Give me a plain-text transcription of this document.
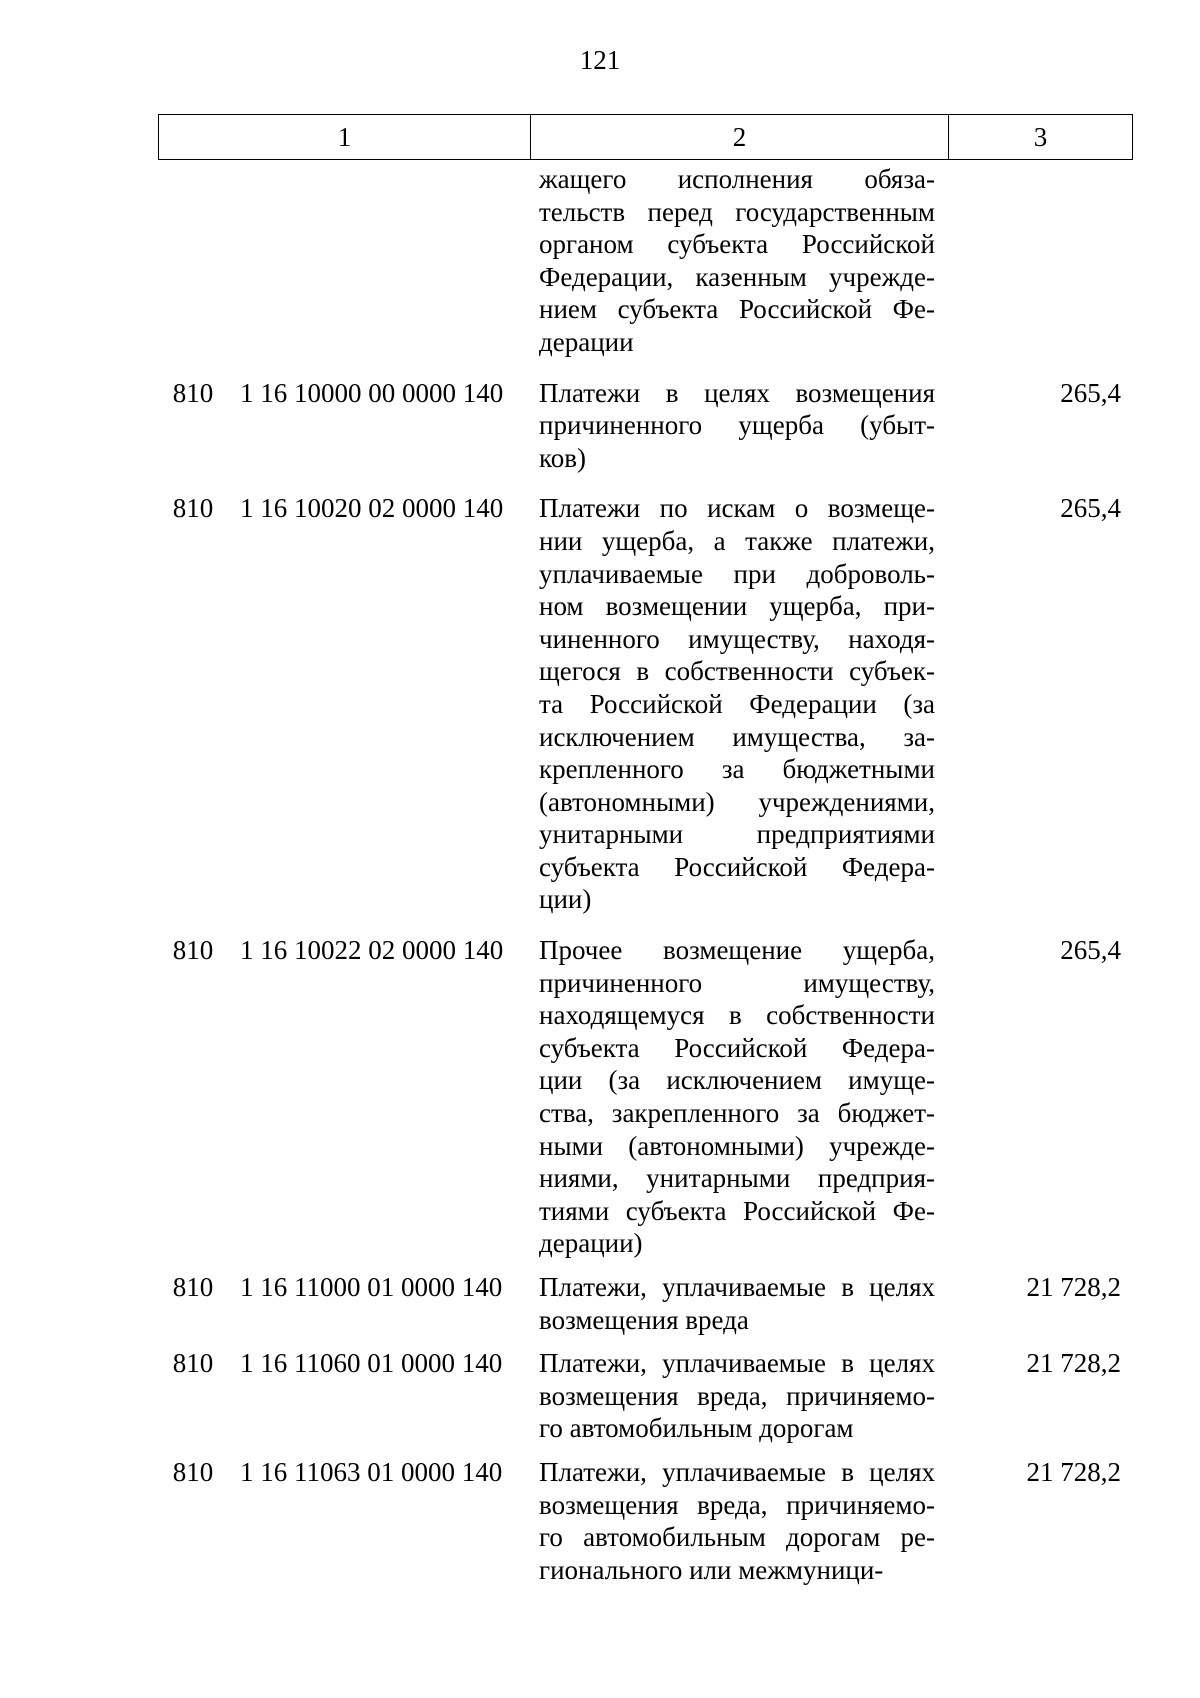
121
1	2	3
жащего исполнения обяза-
тельств перед государственным
органом субъекта Российской
Федерации, казенным учрежде-
нием субъекта Российской Фе-
дерации
810 1 16 10000 00 0000 140	Платежи в целях возмещения
причиненного ущерба (убыт-
ков)
265,4
810 1 16 10020 02 0000 140	Платежи по искам о возмеще-
нии ущерба, а также платежи,
уплачиваемые при доброволь-
ном возмещении ущерба, при-
чиненного имуществу, находя-
щегося в собственности субъек-
та Российской Федерации (за
исключением имущества, за-
крепленного за бюджетными
(автономными) учреждениями,
унитарными предприятиями
субъекта Российской Федера-
ции)
265,4
810 1 16 10022 02 0000 140	Прочее возмещение ущерба,
причиненного имуществу,
находящемуся в собственности
субъекта Российской Федера-
ции (за исключением имуще-
ства, закрепленного за бюджет-
ными (автономными) учрежде-
ниями, унитарными предприя-
тиями субъекта Российской Фе-
дерации)
265,4
810 1 16 11000 01 0000 140	Платежи, уплачиваемые в целях
возмещения вреда
21 728,2
810 1 16 11060 01 0000 140	Платежи, уплачиваемые в целях
возмещения вреда, причиняемо-
го автомобильным дорогам
21 728,2
810 1 16 11063 01 0000 140	Платежи, уплачиваемые в целях
возмещения вреда, причиняемо-
го автомобильным дорогам ре-
гионального или межмуници-
21 728,2
